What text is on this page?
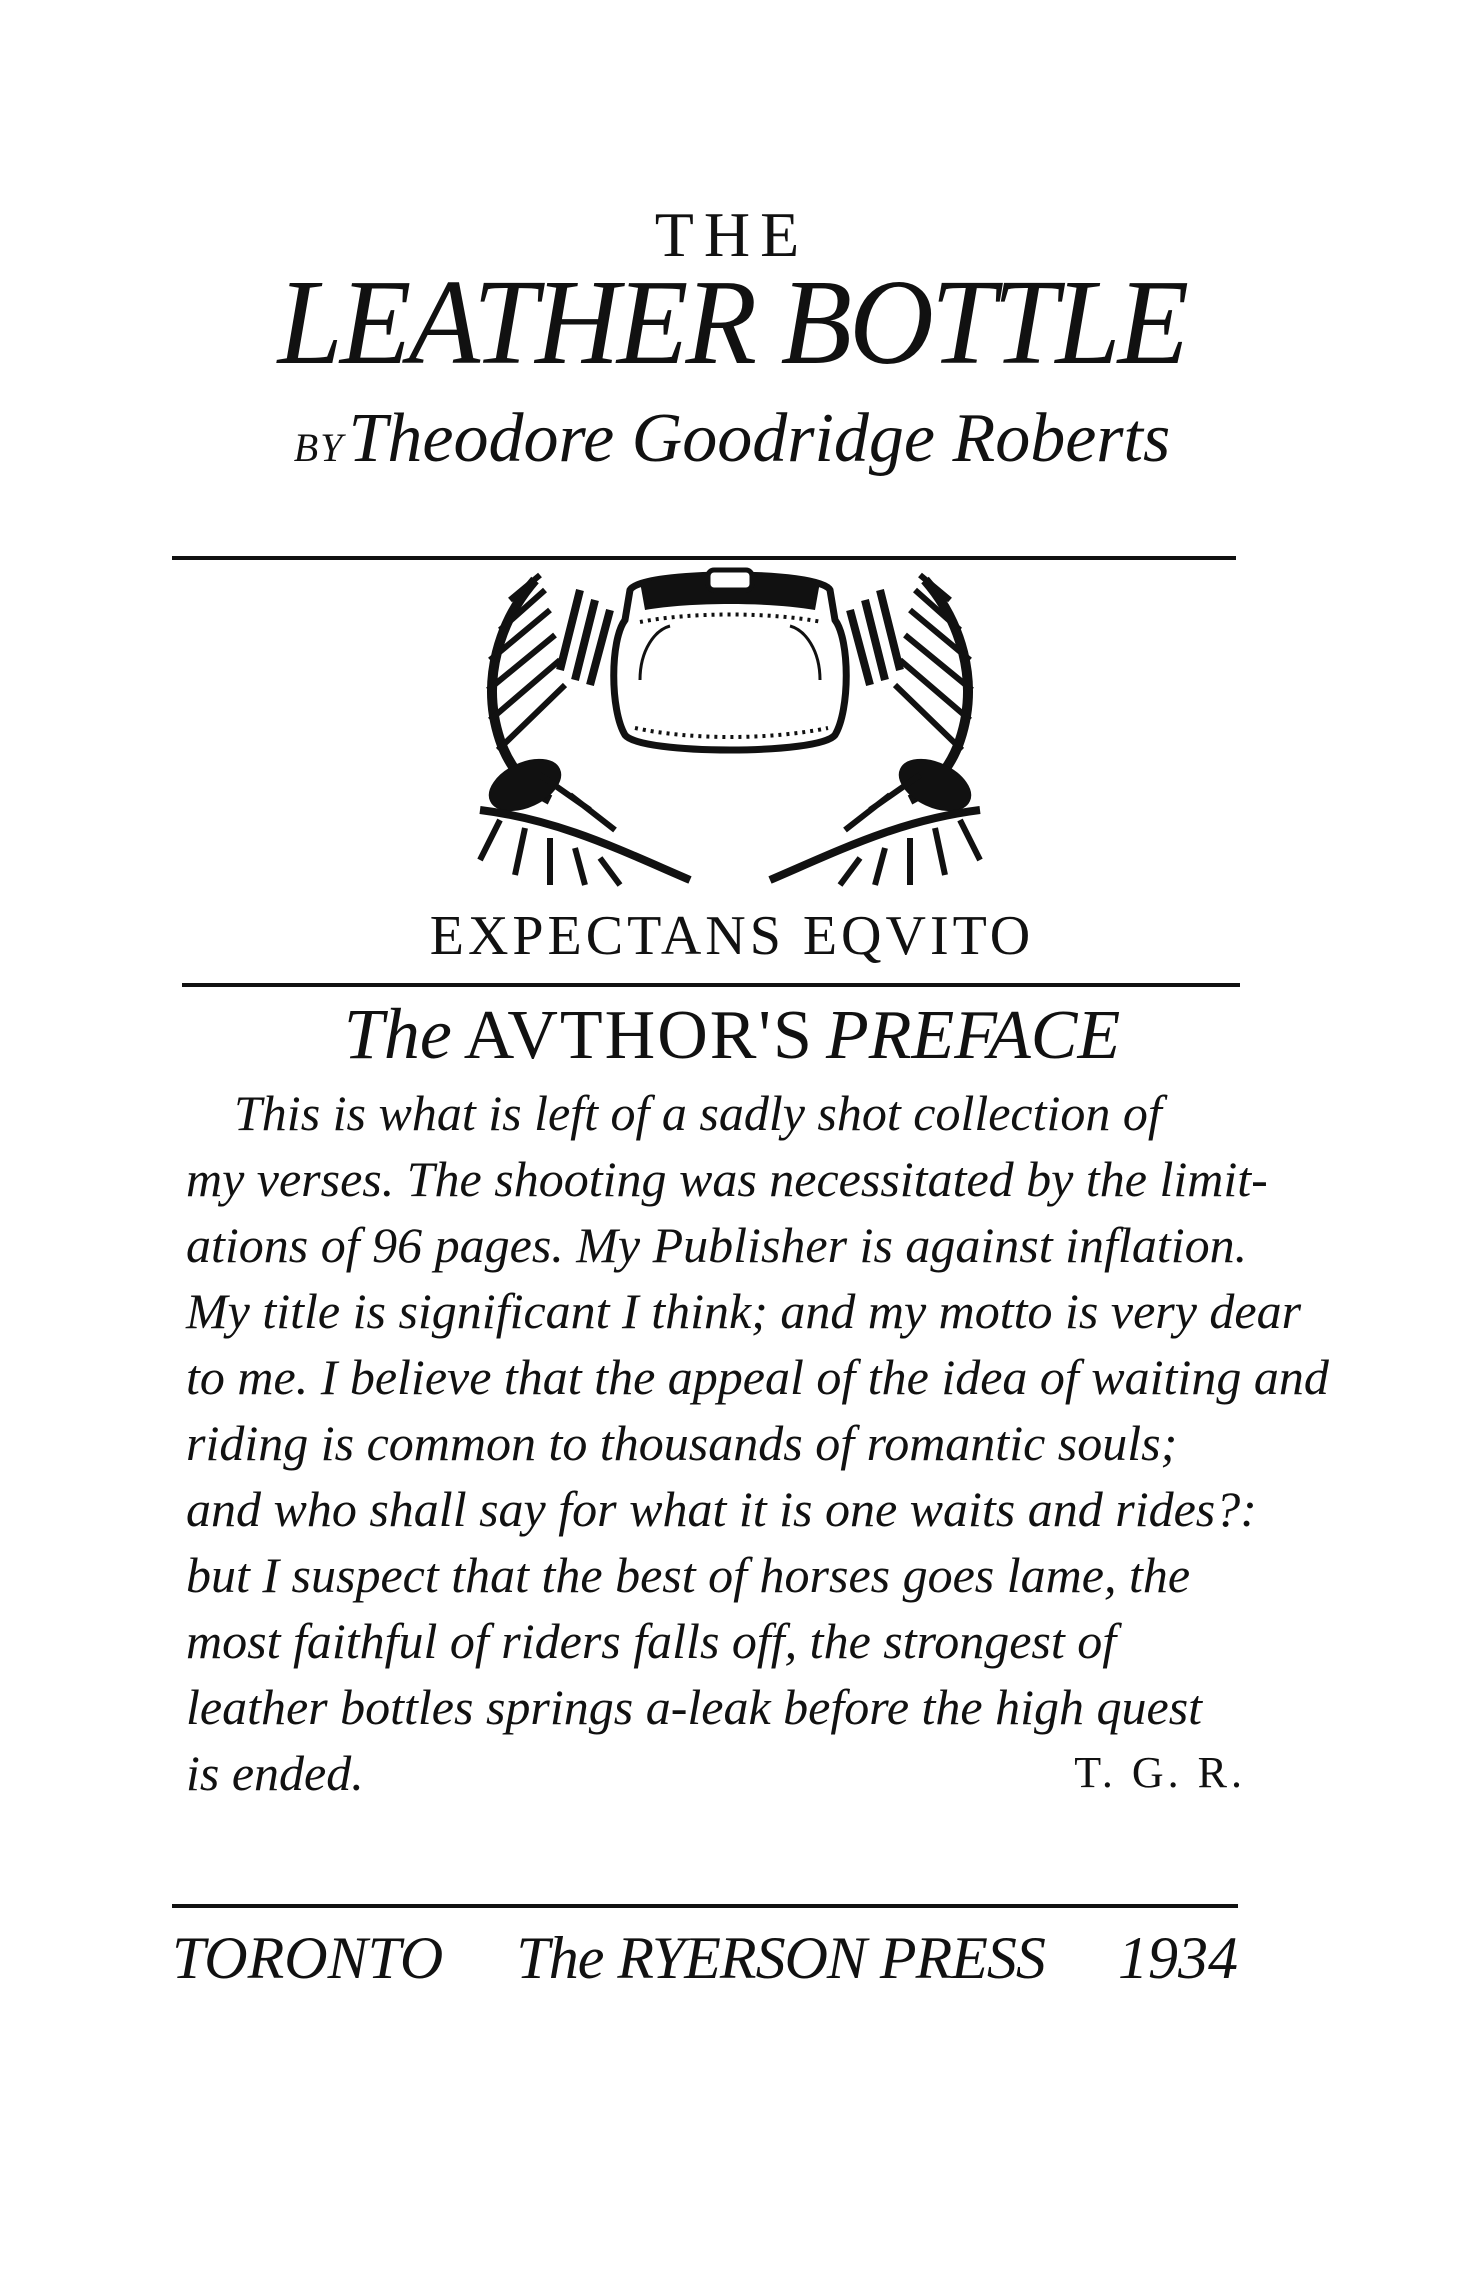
THE
LEATHER BOTTLE
BYTheodore Goodridge Roberts
EXPECTANS EQVITO
The AVTHOR'S PREFACE
This is what is left of a sadly shot collection of
my verses. The shooting was necessitated by the limit-
ations of 96 pages. My Publisher is against inflation.
My title is significant I think; and my motto is very dear
to me. I believe that the appeal of the idea of waiting and
riding is common to thousands of romantic souls;
and who shall say for what it is one waits and rides?:
but I suspect that the best of horses goes lame, the
most faithful of riders falls off, the strongest of
leather bottles springs a-leak before the high quest
is ended.	T. G. R.
TORONTO The RYERSON PRESS 1934
